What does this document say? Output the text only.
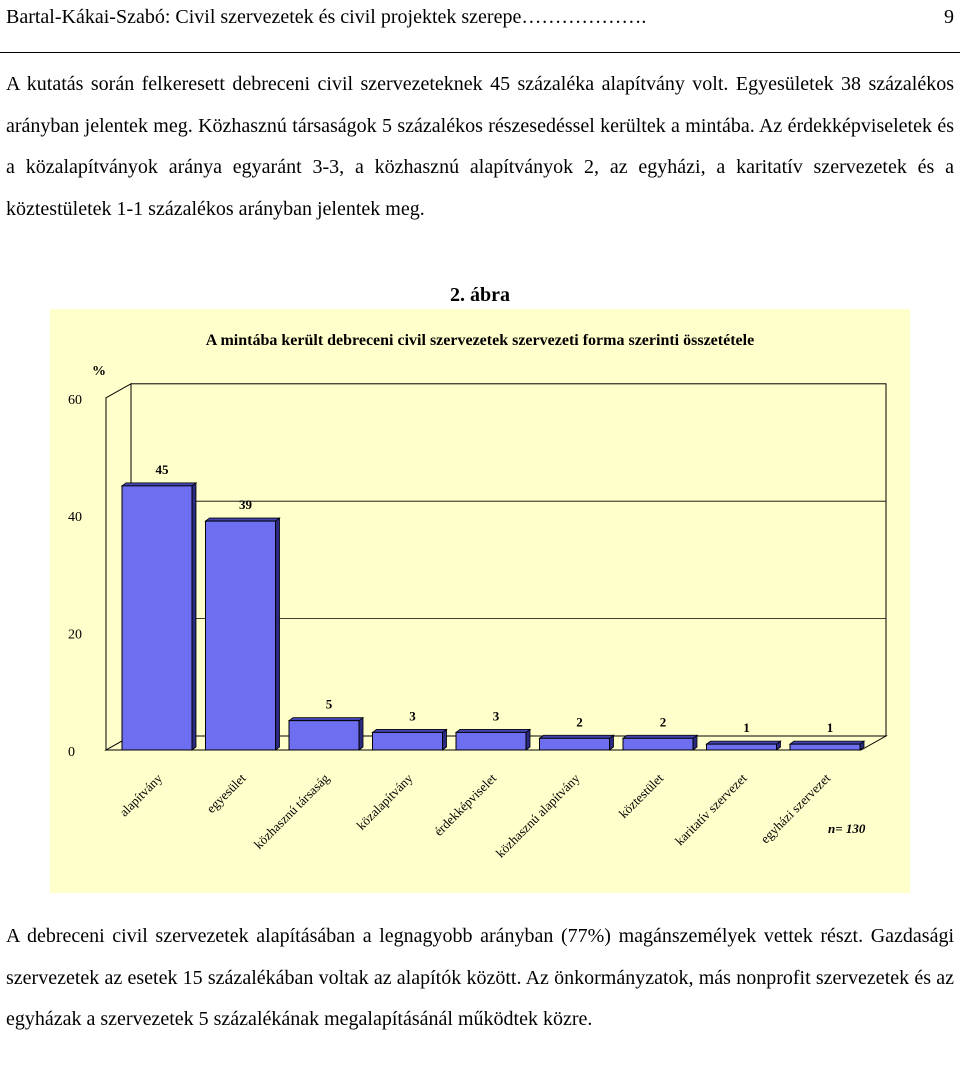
Bartal-Kákai-Szabó: Civil szervezetek és civil projektek szerepe……………….	9

A kutatás során felkeresett debreceni civil szervezeteknek 45 százaléka alapítvány volt. Egyesületek 38 százalékos arányban jelentek meg. Közhasznú társaságok 5 százalékos részesedéssel kerültek a mintába. Az érdekképviseletek és a közalapítványok aránya egyaránt 3-3, a közhasznú alapítványok 2, az egyházi, a karitatív szervezetek és a köztestületek 1-1 százalékos arányban jelentek meg.

2. ábra
A mintába került debreceni civil szervezetek szervezeti forma szerinti összetétele
%
0
20
40
60
45
alapítvány
39
egyesület
5
közhasznú társaság
3
közalapítvány
3
érdekképviselet
2
közhasznú alapítvány
2
köztestület
1
karitatív szervezet
1
egyházi szervezet
n= 130

A debreceni civil szervezetek alapításában a legnagyobb arányban (77%) magánszemélyek vettek részt. Gazdasági szervezetek az esetek 15 százalékában voltak az alapítók között. Az önkormányzatok, más nonprofit szervezetek és az egyházak a szervezetek 5 százalékának megalapításánál működtek közre.
